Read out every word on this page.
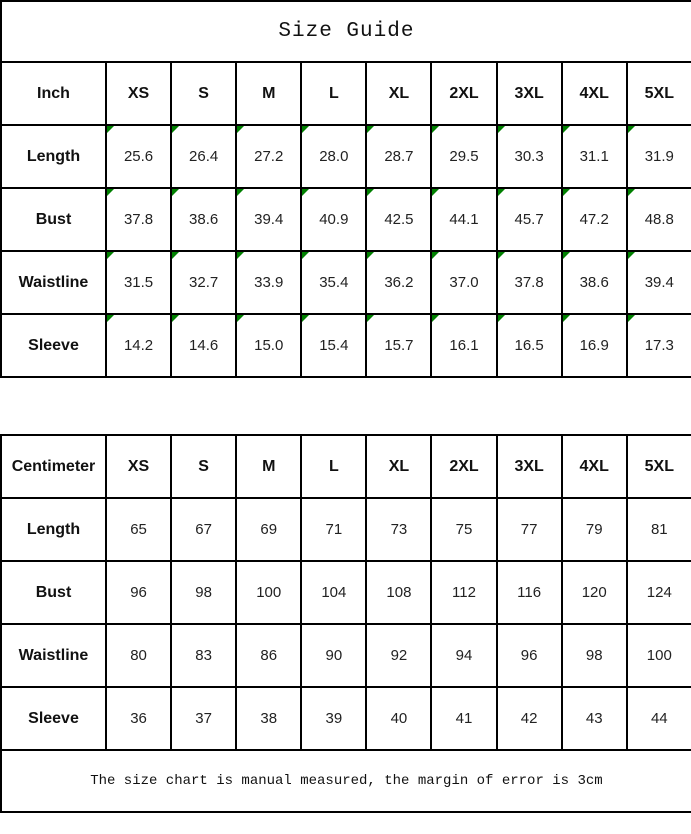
Size Guide									
Inch	XS	S	M	L	XL	2XL	3XL	4XL	5XL
Length	25.6	26.4	27.2	28.0	28.7	29.5	30.3	31.1	31.9

Bust	37.8	38.6	39.4	40.9	42.5	44.1	45.7	47.2	48.8

Waistline	31.5	32.7	33.9	35.4	36.2	37.0	37.8	38.6	39.4

Sleeve	14.2	14.6	15.0	15.4	15.7	16.1	16.5	16.9	17.3

Centimeter	XS	S	M	L	XL	2XL	3XL	4XL	5XL
Length	65	67	69	71	73	75	77	79	81
Bust	96	98	100	104	108	112	116	120	124
Waistline	80	83	86	90	92	94	96	98	100
Sleeve	36	37	38	39	40	41	42	43	44
The size chart is manual measured, the margin of error is 3cm									
